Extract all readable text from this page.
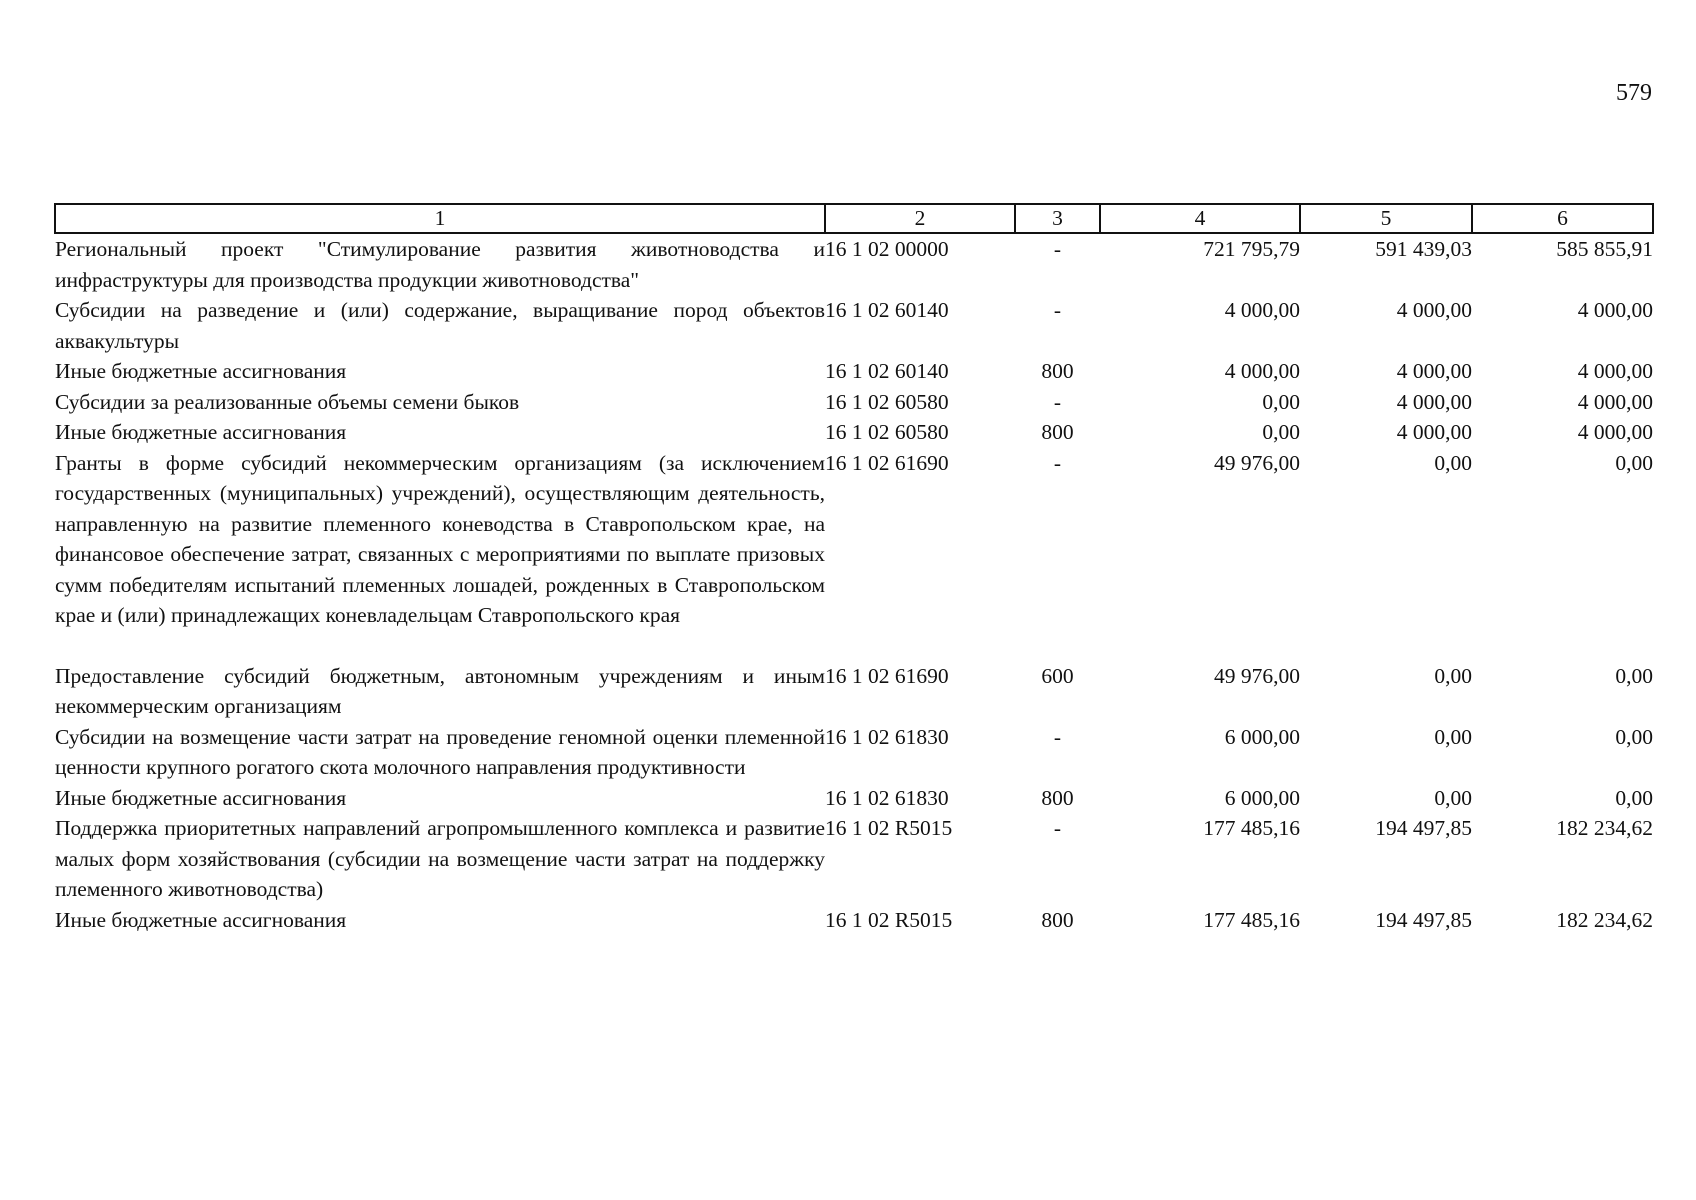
579
1	2	3	4	5	6
Региональный проект "Стимулирование развития животноводства и инфраструктуры для производства продукции животноводства"	16 1 02 00000	-	721 795,79	591 439,03	585 855,91
Субсидии на разведение и (или) содержание, выращивание пород объектов аквакультуры	16 1 02 60140	-	4 000,00	4 000,00	4 000,00
Иные бюджетные ассигнования	16 1 02 60140	800	4 000,00	4 000,00	4 000,00
Субсидии за реализованные объемы семени быков	16 1 02 60580	-	0,00	4 000,00	4 000,00
Иные бюджетные ассигнования	16 1 02 60580	800	0,00	4 000,00	4 000,00
Гранты в форме субсидий некоммерческим организациям (за исключением государственных (муниципальных) учреждений), осуществляющим деятельность, направленную на развитие племенного коневодства в Ставропольском крае, на финансовое обеспечение затрат, связанных с мероприятиями по выплате призовых сумм победителям испытаний племенных лошадей, рожденных в Ставропольском крае и (или) принадлежащих коневладельцам Ставропольского края	16 1 02 61690	-	49 976,00	0,00	0,00
Предоставление субсидий бюджетным, автономным учреждениям и иным некоммерческим организациям	16 1 02 61690	600	49 976,00	0,00	0,00
Субсидии на возмещение части затрат на проведение геномной оценки племенной ценности крупного рогатого скота молочного направления продуктивности	16 1 02 61830	-	6 000,00	0,00	0,00
Иные бюджетные ассигнования	16 1 02 61830	800	6 000,00	0,00	0,00
Поддержка приоритетных направлений агропромышленного комплекса и развитие малых форм хозяйствования (субсидии на возмещение части затрат на поддержку племенного животноводства)	16 1 02 R5015	-	177 485,16	194 497,85	182 234,62
Иные бюджетные ассигнования	16 1 02 R5015	800	177 485,16	194 497,85	182 234,62
